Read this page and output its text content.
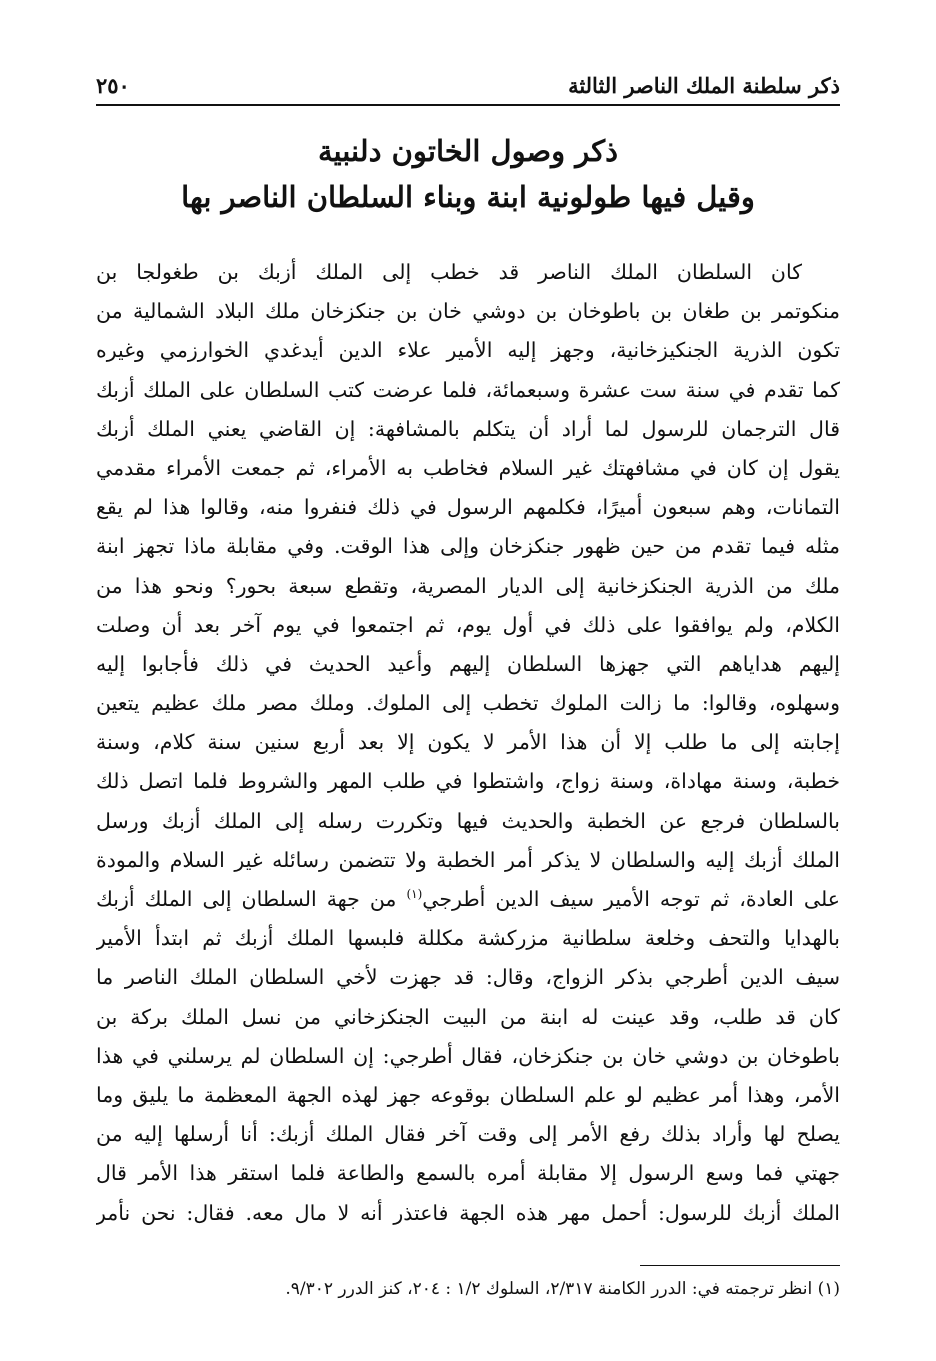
ذكر سلطنة الملك الناصر الثالثة
٢٥٠
ذكر وصول الخاتون دلنبية
وقيل فيها طولونية ابنة وبناء السلطان الناصر بها
كان السلطان الملك الناصر قد خطب إلى الملك أزبك بن طغولجا بن
منكوتمر بن طغان بن باطوخان بن دوشي خان بن جنكزخان ملك البلاد الشمالية من
تكون الذرية الجنكيزخانية، وجهز إليه الأمير علاء الدين أيدغدي الخوارزمي وغيره
كما تقدم في سنة ست عشرة وسبعمائة، فلما عرضت كتب السلطان على الملك أزبك
قال الترجمان للرسول لما أراد أن يتكلم بالمشافهة: إن القاضي يعني الملك أزبك
يقول إن كان في مشافهتك غير السلام فخاطب به الأمراء، ثم جمعت الأمراء مقدمي
التمانات، وهم سبعون أميرًا، فكلمهم الرسول في ذلك فنفروا منه، وقالوا هذا لم يقع
مثله فيما تقدم من حين ظهور جنكزخان وإلى هذا الوقت. وفي مقابلة ماذا تجهز ابنة
ملك من الذرية الجنكزخانية إلى الديار المصرية، وتقطع سبعة بحور؟ ونحو هذا من
الكلام، ولم يوافقوا على ذلك في أول يوم، ثم اجتمعوا في يوم آخر بعد أن وصلت
إليهم هداياهم التي جهزها السلطان إليهم وأعيد الحديث في ذلك فأجابوا إليه
وسهلوه، وقالوا: ما زالت الملوك تخطب إلى الملوك. وملك مصر ملك عظيم يتعين
إجابته إلى ما طلب إلا أن هذا الأمر لا يكون إلا بعد أربع سنين سنة كلام، وسنة
خطبة، وسنة مهاداة، وسنة زواج، واشتطوا في طلب المهر والشروط فلما اتصل ذلك
بالسلطان فرجع عن الخطبة والحديث فيها وتكررت رسله إلى الملك أزبك ورسل
الملك أزبك إليه والسلطان لا يذكر أمر الخطبة ولا تتضمن رسائله غير السلام والمودة
على العادة، ثم توجه الأمير سيف الدين أطرجي$^{(١)}$ من جهة السلطان إلى الملك أزبك
بالهدايا والتحف وخلعة سلطانية مزركشة مكللة فلبسها الملك أزبك ثم ابتدأ الأمير
سيف الدين أطرجي بذكر الزواج، وقال: قد جهزت لأخي السلطان الملك الناصر ما
كان قد طلب، وقد عينت له ابنة من البيت الجنكزخاني من نسل الملك بركة بن
باطوخان بن دوشي خان بن جنكزخان، فقال أطرجي: إن السلطان لم يرسلني في هذا
الأمر، وهذا أمر عظيم لو علم السلطان بوقوعه جهز لهذه الجهة المعظمة ما يليق وما
يصلح لها وأراد بذلك رفع الأمر إلى وقت آخر فقال الملك أزبك: أنا أرسلها إليه من
جهتي فما وسع الرسول إلا مقابلة أمره بالسمع والطاعة فلما استقر هذا الأمر قال
الملك أزبك للرسول: أحمل مهر هذه الجهة فاعتذر أنه لا مال معه. فقال: نحن نأمر
(١) انظر ترجمته في: الدرر الكامنة ٢/٣١٧، السلوك ١/٢ : ٢٠٤، كنز الدرر ٩/٣٠٢.
